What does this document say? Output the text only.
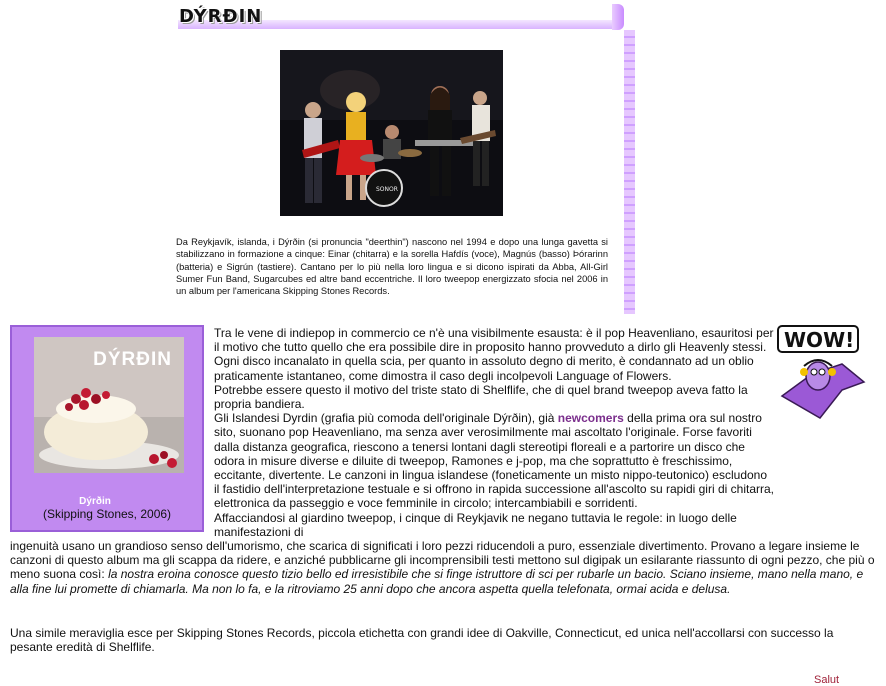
DÝRÐIN
SONOR
Da Reykjavík, islanda, i Dýrðin (si pronuncia "deerthin") nascono nel 1994 e dopo una lunga gavetta si stabilizzano in formazione a cinque: Einar (chitarra) e la sorella Hafdís (voce), Magnús (basso) Þórarinn (batteria) e Sigrún (tastiere). Cantano per lo più nella loro lingua e si dicono ispirati da Abba, All-Girl Sumer Fun Band, Sugarcubes ed altre band eccentriche. Il loro tweepop energizzato sfocia nel 2006 in un album per l'americana Skipping Stones Records.
DÝRÐIN
Dýrðin
(Skipping Stones, 2006)
WOW!

Tra le vene di indiepop in commercio ce n'è una visibilmente esausta: è il pop Heavenliano, esauritosi per il motivo che tutto quello che era possibile dire in proposito hanno provveduto a dirlo gli Heavenly stessi. Ogni disco incanalato in quella scia, per quanto in assoluto degno di merito, è condannato ad un oblio praticamente istantaneo, come dimostra il caso degli incolpevoli Language of Flowers.

Potrebbe essere questo il motivo del triste stato di Shelflife, che di quel brand tweepop aveva fatto la propria bandiera.

Gli Islandesi Dyrdin (grafia più comoda dell'originale Dýrðin), già newcomers della prima ora sul nostro sito, suonano pop Heavenliano, ma senza aver verosimilmente mai ascoltato l'originale. Forse favoriti dalla distanza geografica, riescono a tenersi lontani dagli stereotipi floreali e a partorire un disco che odora in misure diverse e diluite di tweepop, Ramones e j-pop, ma che soprattutto è freschissimo, eccitante, divertente. Le canzoni in lingua islandese (foneticamente un misto nippo-teutonico) escludono il fastidio dell'interpretazione testuale e si offrono in rapida successione all'ascolto su rapidi giri di chitarra, elettronica da passeggio e voce femminile in circolo; intercambiabili e sorridenti.

Affacciandosi al giardino tweepop, i cinque di Reykjavik ne negano tuttavia le regole: in luogo delle manifestazioni di

ingenuità usano un grandioso senso dell'umorismo, che scarica di significati i loro pezzi riducendoli a puro, essenziale divertimento. Provano a legare insieme le canzoni di questo album ma gli scappa da ridere, e anziché pubblicarne gli incomprensibili testi mettono sul digipak un esilarante riassunto di ogni pezzo, che più o meno suona così: la nostra eroina conosce questo tizio bello ed irresistibile che si finge istruttore di sci per rubarle un bacio. Sciano insieme, mano nella mano, e alla fine lui promette di chiamarla. Ma non lo fa, e la ritroviamo 25 anni dopo che ancora aspetta quella telefonata, ormai acida e delusa.

Una simile meraviglia esce per Skipping Stones Records, piccola etichetta con grandi idee di Oakville, Connecticut, ed unica nell'accollarsi con successo la pesante eredità di Shelflife.
Salut
